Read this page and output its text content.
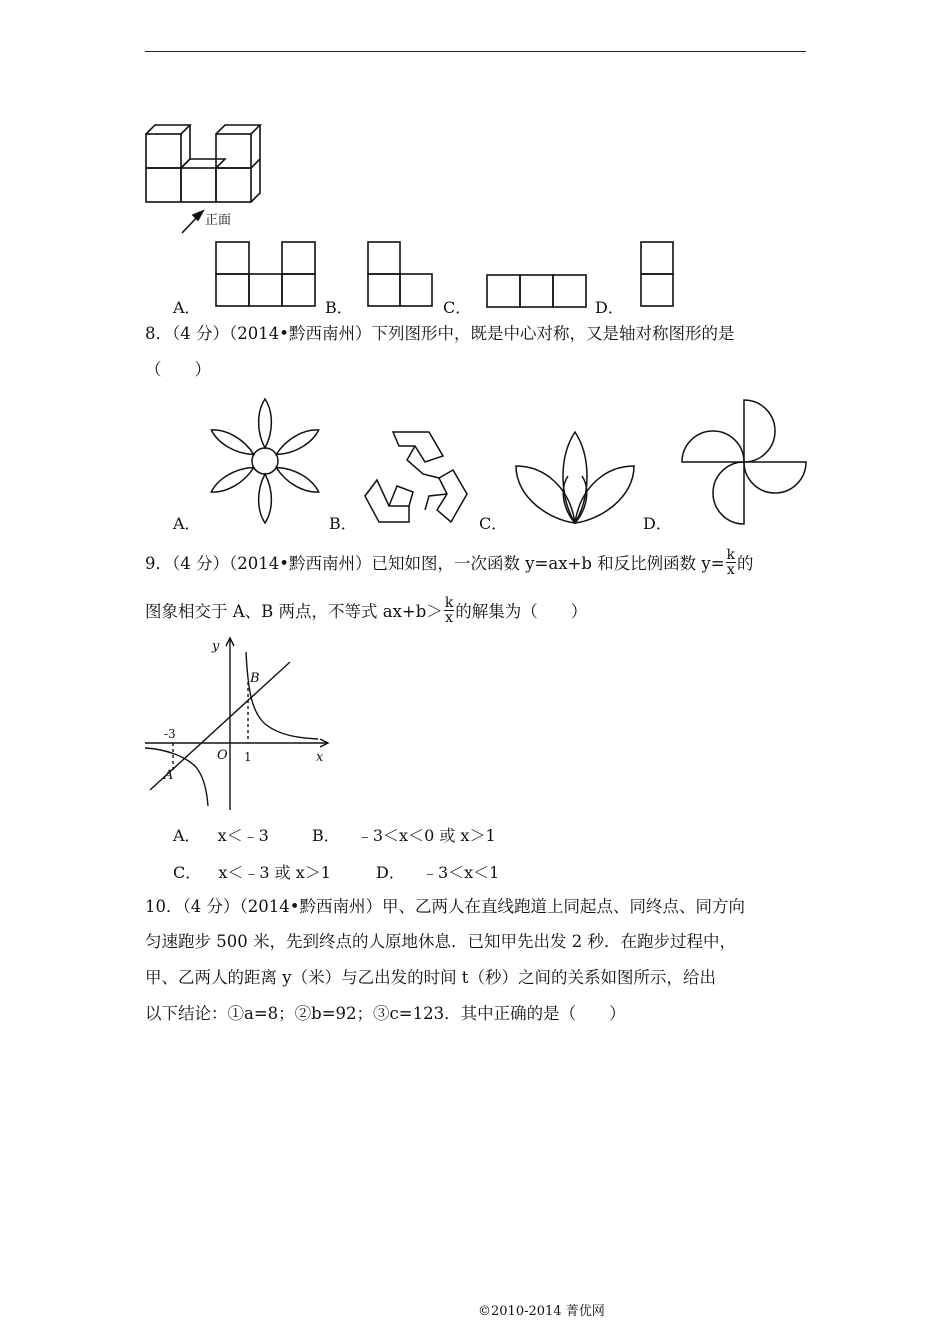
正面
A．	B．	C．	D．
8．（4 分）（2014•黔西南州）下列图形中，既是中心对称，又是轴对称图形的是
（　　）
A．	B．	C．	D．
9．（4 分）（2014•黔西南州）已知如图，一次函数 y=ax+b 和反比例函数 $y= \frac{k}{x}$ 的
图象相交于 A、B 两点，不等式 $ax+b> \frac{k}{x}$ 的解集为（　　）
y
x
O
A
B
-3
1
A． x＜﹣3	B． ﹣3＜x＜0 或 x＞1
C． x＜﹣3 或 x＞1	D． ﹣3＜x＜1
10．（4 分）（2014•黔西南州）甲、乙两人在直线跑道上同起点、同终点、同方向
匀速跑步 500 米，先到终点的人原地休息．已知甲先出发 2 秒．在跑步过程中，
甲、乙两人的距离 y（米）与乙出发的时间 t（秒）之间的关系如图所示，给出
以下结论：①a=8；②b=92；③c=123．其中正确的是（　　）
©2010-2014 菁优网
